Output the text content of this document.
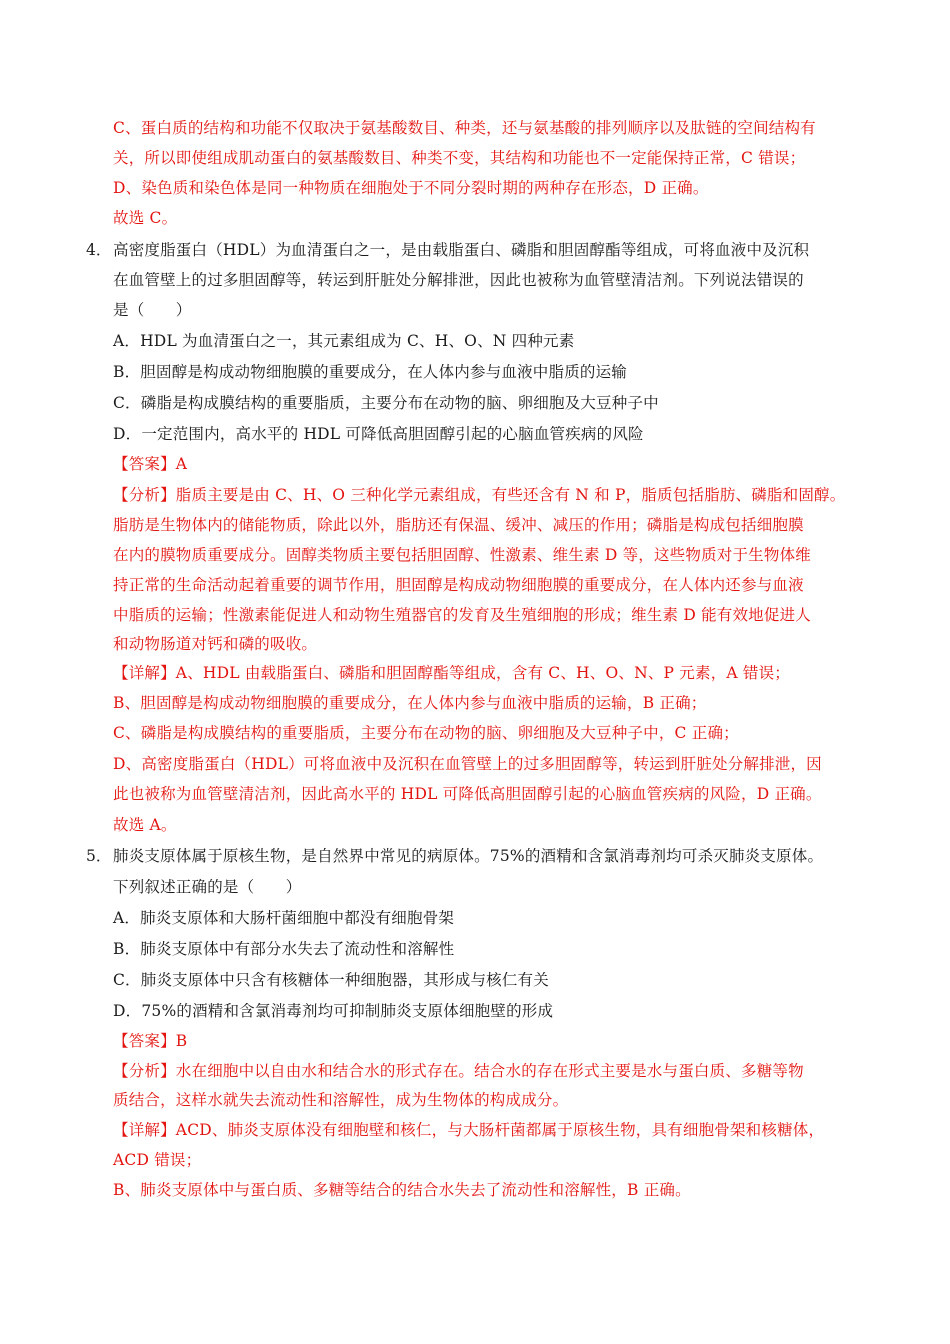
C、蛋白质的结构和功能不仅取决于氨基酸数目、种类，还与氨基酸的排列顺序以及肽链的空间结构有
关，所以即使组成肌动蛋白的氨基酸数目、种类不变，其结构和功能也不一定能保持正常，C 错误；
D、染色质和染色体是同一种物质在细胞处于不同分裂时期的两种存在形态，D 正确。
故选 C。
4． 高密度脂蛋白（HDL）为血清蛋白之一，是由载脂蛋白、磷脂和胆固醇酯等组成，可将血液中及沉积
在血管壁上的过多胆固醇等，转运到肝脏处分解排泄，因此也被称为血管壁清洁剂。下列说法错误的
是（　　）
A．HDL 为血清蛋白之一，其元素组成为 C、H、O、N 四种元素
B．胆固醇是构成动物细胞膜的重要成分，在人体内参与血液中脂质的运输
C．磷脂是构成膜结构的重要脂质，主要分布在动物的脑、卵细胞及大豆种子中
D．一定范围内，高水平的 HDL 可降低高胆固醇引起的心脑血管疾病的风险
【答案】A
【分析】脂质主要是由 C、H、O 三种化学元素组成，有些还含有 N 和 P，脂质包括脂肪、磷脂和固醇。
脂肪是生物体内的储能物质，除此以外，脂肪还有保温、缓冲、减压的作用；磷脂是构成包括细胞膜
在内的膜物质重要成分。固醇类物质主要包括胆固醇、性激素、维生素 D 等，这些物质对于生物体维
持正常的生命活动起着重要的调节作用，胆固醇是构成动物细胞膜的重要成分，在人体内还参与血液
中脂质的运输；性激素能促进人和动物生殖器官的发育及生殖细胞的形成；维生素 D 能有效地促进人
和动物肠道对钙和磷的吸收。
【详解】A、HDL 由载脂蛋白、磷脂和胆固醇酯等组成，含有 C、H、O、N、P 元素，A 错误；
B、胆固醇是构成动物细胞膜的重要成分，在人体内参与血液中脂质的运输，B 正确；
C、磷脂是构成膜结构的重要脂质，主要分布在动物的脑、卵细胞及大豆种子中，C 正确；
D、高密度脂蛋白（HDL）可将血液中及沉积在血管壁上的过多胆固醇等，转运到肝脏处分解排泄，因
此也被称为血管壁清洁剂，因此高水平的 HDL 可降低高胆固醇引起的心脑血管疾病的风险，D 正确。
故选 A。
5． 肺炎支原体属于原核生物，是自然界中常见的病原体。75%的酒精和含氯消毒剂均可杀灭肺炎支原体。
下列叙述正确的是（　　）
A．肺炎支原体和大肠杆菌细胞中都没有细胞骨架
B．肺炎支原体中有部分水失去了流动性和溶解性
C．肺炎支原体中只含有核糖体一种细胞器，其形成与核仁有关
D．75%的酒精和含氯消毒剂均可抑制肺炎支原体细胞壁的形成
【答案】B
【分析】水在细胞中以自由水和结合水的形式存在。结合水的存在形式主要是水与蛋白质、多糖等物
质结合，这样水就失去流动性和溶解性，成为生物体的构成成分。
【详解】ACD、肺炎支原体没有细胞壁和核仁，与大肠杆菌都属于原核生物，具有细胞骨架和核糖体，
ACD 错误；
B、肺炎支原体中与蛋白质、多糖等结合的结合水失去了流动性和溶解性，B 正确。
